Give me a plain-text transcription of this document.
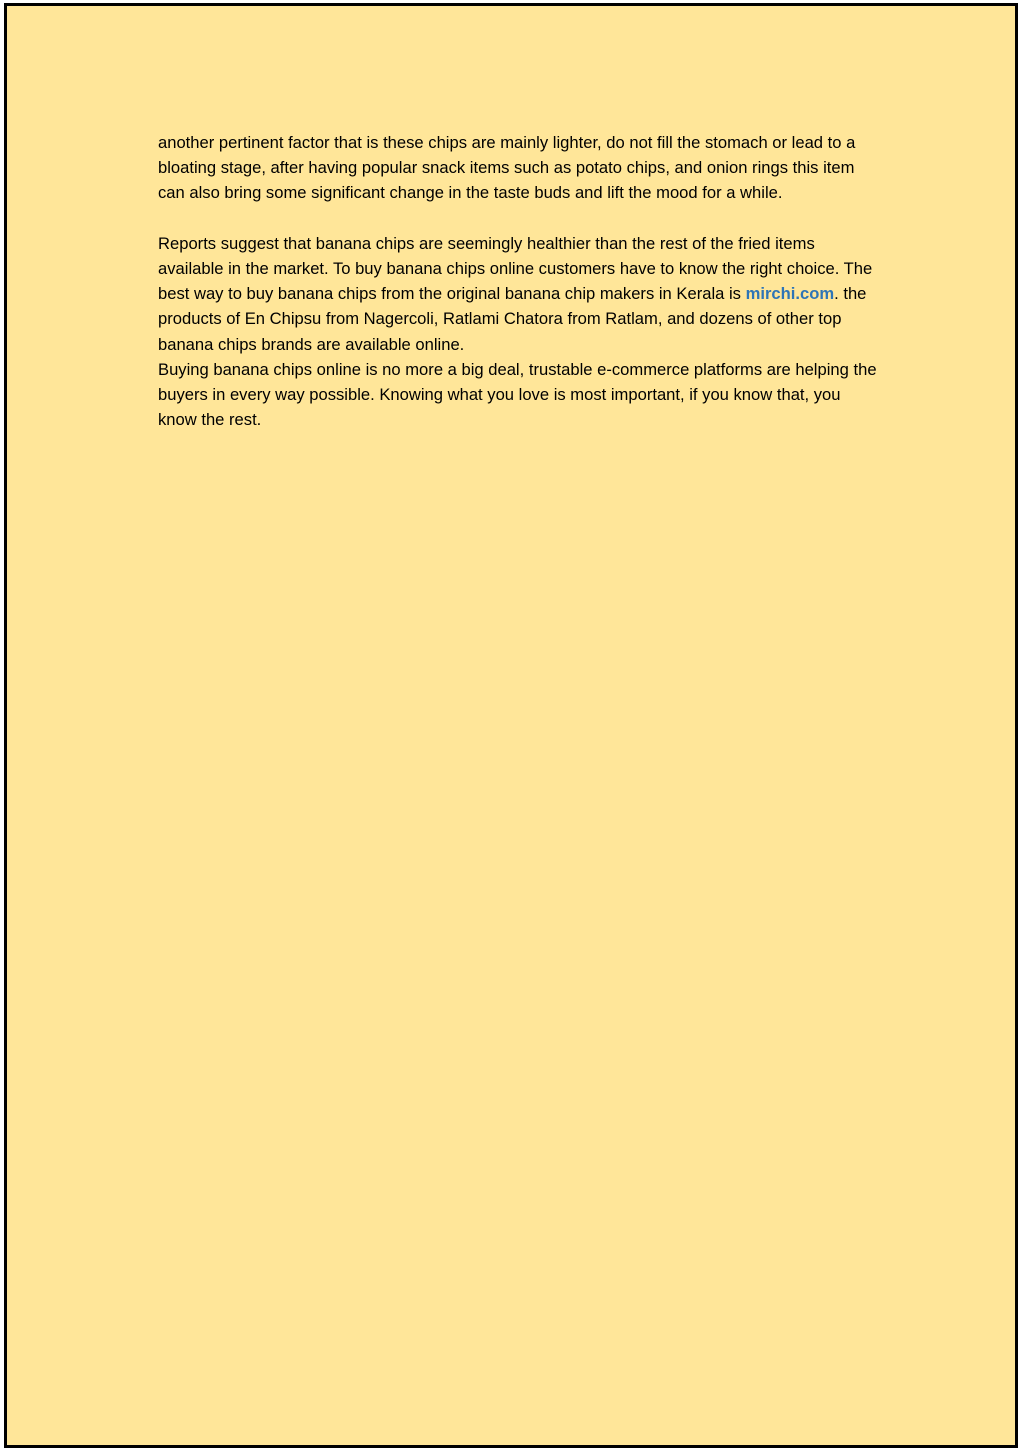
another pertinent factor that is these chips are mainly lighter, do not fill the stomach or lead to a bloating stage, after having popular snack items such as potato chips, and onion rings this item can also bring some significant change in the taste buds and lift the mood for a while.

Reports suggest that banana chips are seemingly healthier than the rest of the fried items available in the market. To buy banana chips online customers have to know the right choice. The best way to buy banana chips from the original banana chip makers in Kerala is mirchi.com. the products of En Chipsu from Nagercoli, Ratlami Chatora from Ratlam, and dozens of other top banana chips brands are available online.

Buying banana chips online is no more a big deal, trustable e-commerce platforms are helping the buyers in every way possible. Knowing what you love is most important, if you know that, you know the rest.
